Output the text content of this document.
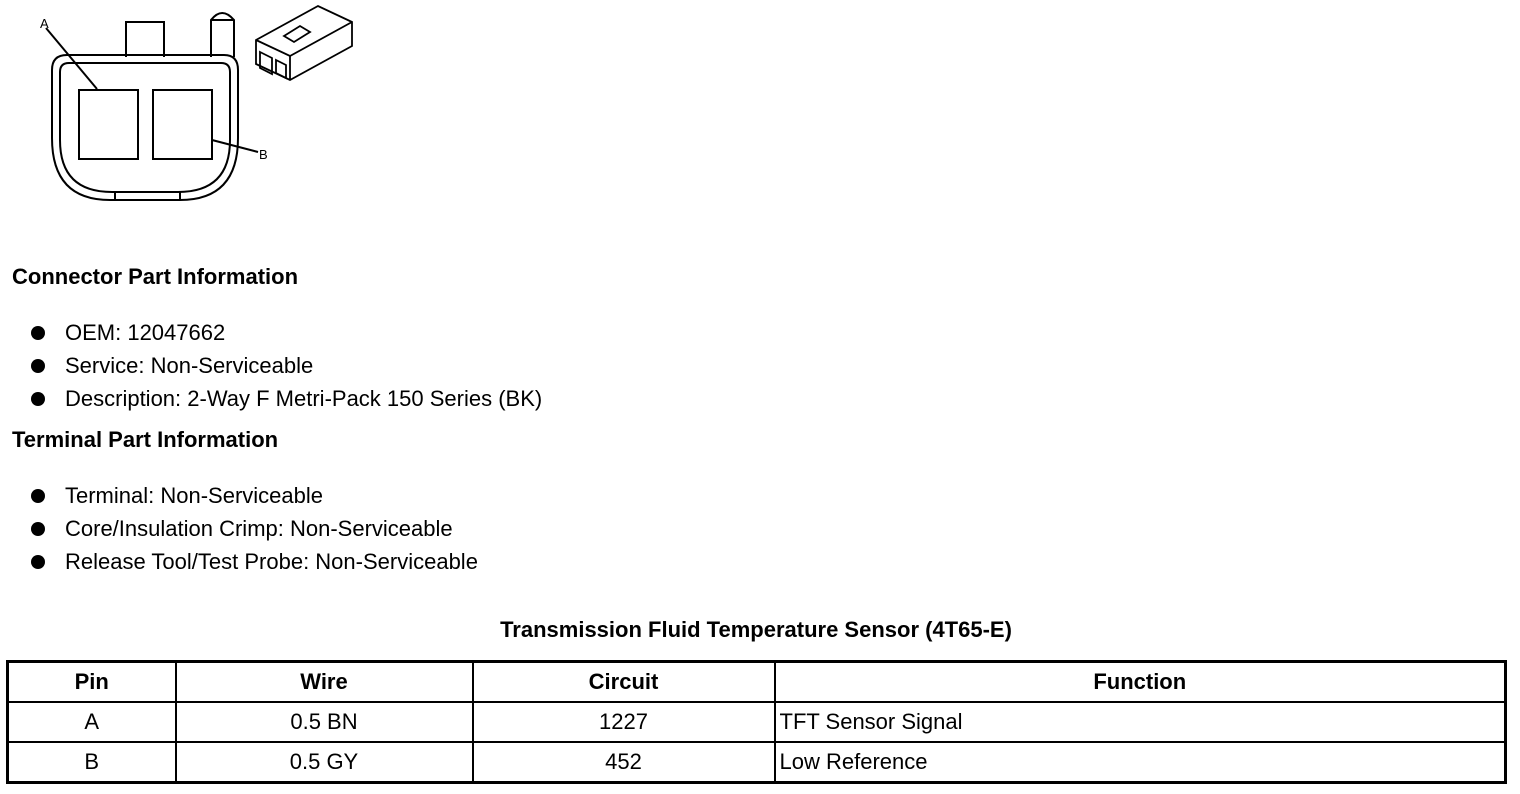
A
B
Connector Part Information
OEM: 12047662
Service: Non-Serviceable
Description: 2-Way F Metri-Pack 150 Series (BK)
Terminal Part Information
Terminal: Non-Serviceable
Core/Insulation Crimp: Non-Serviceable
Release Tool/Test Probe: Non-Serviceable
Transmission Fluid Temperature Sensor (4T65-E)
Pin	Wire	Circuit	Function
A	0.5 BN	1227	TFT Sensor Signal
B	0.5 GY	452	Low Reference
